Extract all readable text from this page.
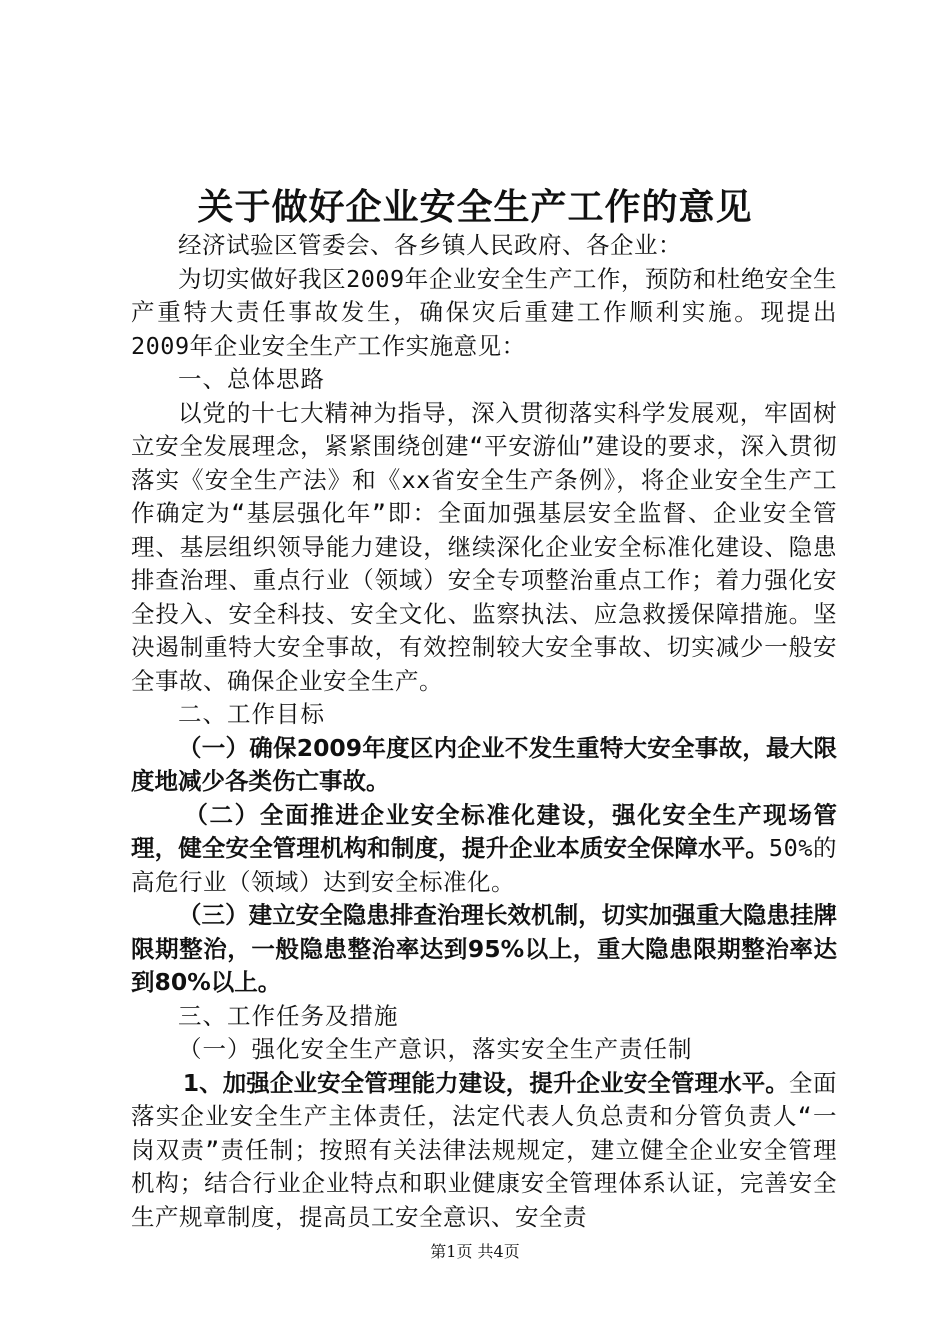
关于做好企业安全生产工作的意见

经济试验区管委会、各乡镇人民政府、各企业：

为切实做好我区2009年企业安全生产工作，预防和杜绝安全生产重特大责任事故发生，确保灾后重建工作顺利实施。现提出2009年企业安全生产工作实施意见：

一、总体思路

以党的十七大精神为指导，深入贯彻落实科学发展观，牢固树立安全发展理念，紧紧围绕创建“平安游仙”建设的要求，深入贯彻落实《安全生产法》和《xx省安全生产条例》，将企业安全生产工作确定为“基层强化年”即：全面加强基层安全监督、企业安全管理、基层组织领导能力建设，继续深化企业安全标准化建设、隐患排查治理、重点行业（领域）安全专项整治重点工作；着力强化安全投入、安全科技、安全文化、监察执法、应急救援保障措施。坚决遏制重特大安全事故，有效控制较大安全事故、切实减少一般安全事故、确保企业安全生产。

二、工作目标

（一）确保2009年度区内企业不发生重特大安全事故，最大限度地减少各类伤亡事故。

（二）全面推进企业安全标准化建设，强化安全生产现场管理，健全安全管理机构和制度，提升企业本质安全保障水平。50%的高危行业（领域）达到安全标准化。

（三）建立安全隐患排查治理长效机制，切实加强重大隐患挂牌限期整治，一般隐患整治率达到95%以上，重大隐患限期整治率达到80%以上。

三、工作任务及措施

（一）强化安全生产意识，落实安全生产责任制

1、加强企业安全管理能力建设，提升企业安全管理水平。全面落实企业安全生产主体责任，法定代表人负总责和分管负责人“一岗双责”责任制；按照有关法律法规规定，建立健全企业安全管理机构；结合行业企业特点和职业健康安全管理体系认证，完善安全生产规章制度，提高员工安全意识、安全责

第1页 共4页
